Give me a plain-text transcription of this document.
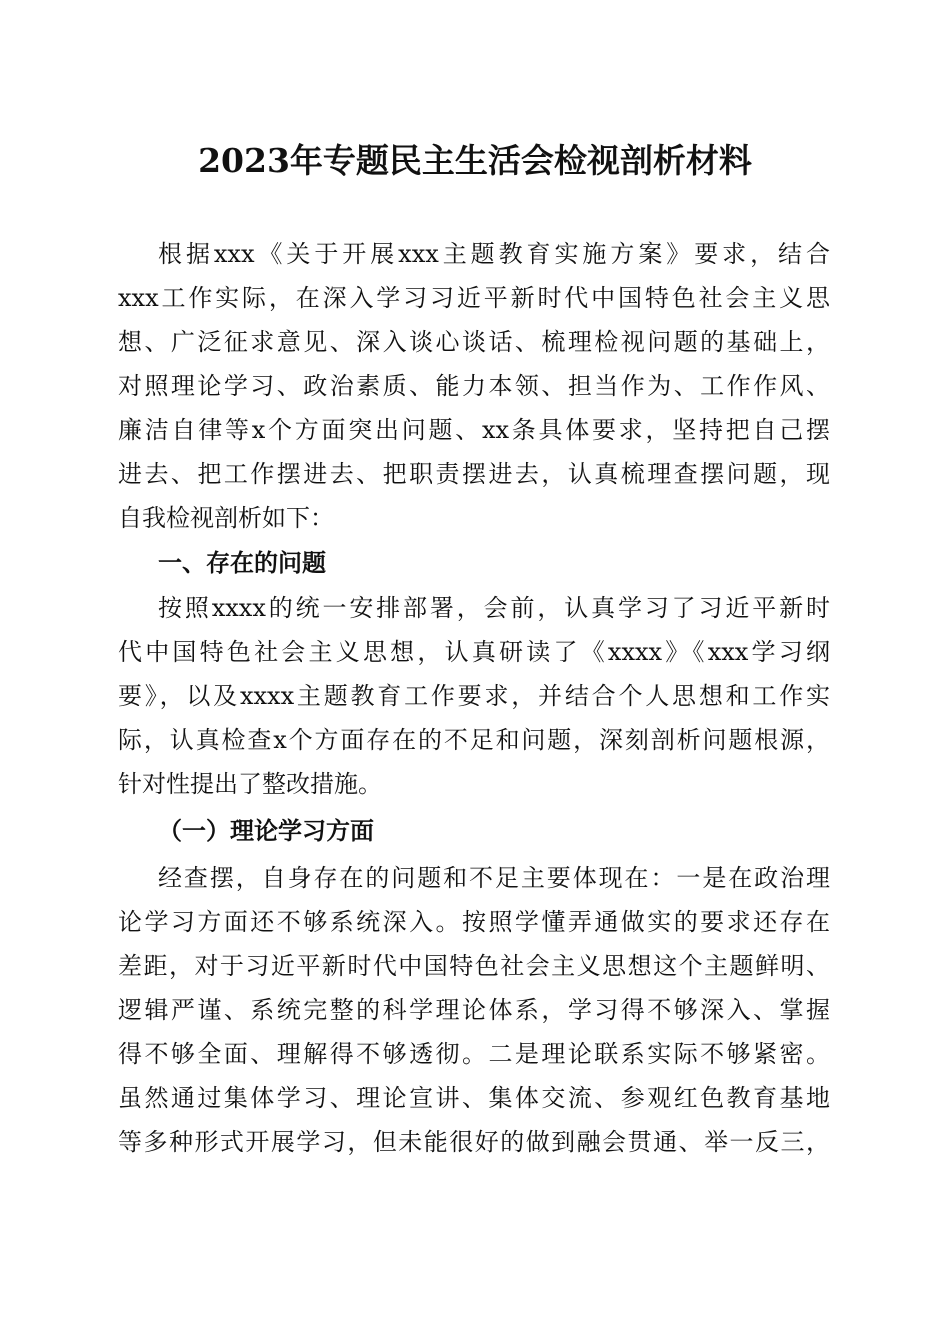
2023年专题民主生活会检视剖析材料
根据xxx《关于开展xxx主题教育实施方案》要求，结合
xxx工作实际，在深入学习习近平新时代中国特色社会主义思
想、广泛征求意见、深入谈心谈话、梳理检视问题的基础上，
对照理论学习、政治素质、能力本领、担当作为、工作作风、
廉洁自律等x个方面突出问题、xx条具体要求，坚持把自己摆
进去、把工作摆进去、把职责摆进去，认真梳理查摆问题，现
自我检视剖析如下：
一、存在的问题
按照xxxx的统一安排部署，会前，认真学习了习近平新时
代中国特色社会主义思想，认真研读了《xxxx》《xxx学习纲
要》，以及xxxx主题教育工作要求，并结合个人思想和工作实
际，认真检查x个方面存在的不足和问题，深刻剖析问题根源，
针对性提出了整改措施。
（一）理论学习方面
经查摆，自身存在的问题和不足主要体现在：一是在政治理
论学习方面还不够系统深入。按照学懂弄通做实的要求还存在
差距，对于习近平新时代中国特色社会主义思想这个主题鲜明、
逻辑严谨、系统完整的科学理论体系，学习得不够深入、掌握
得不够全面、理解得不够透彻。二是理论联系实际不够紧密。
虽然通过集体学习、理论宣讲、集体交流、参观红色教育基地
等多种形式开展学习，但未能很好的做到融会贯通、举一反三，
